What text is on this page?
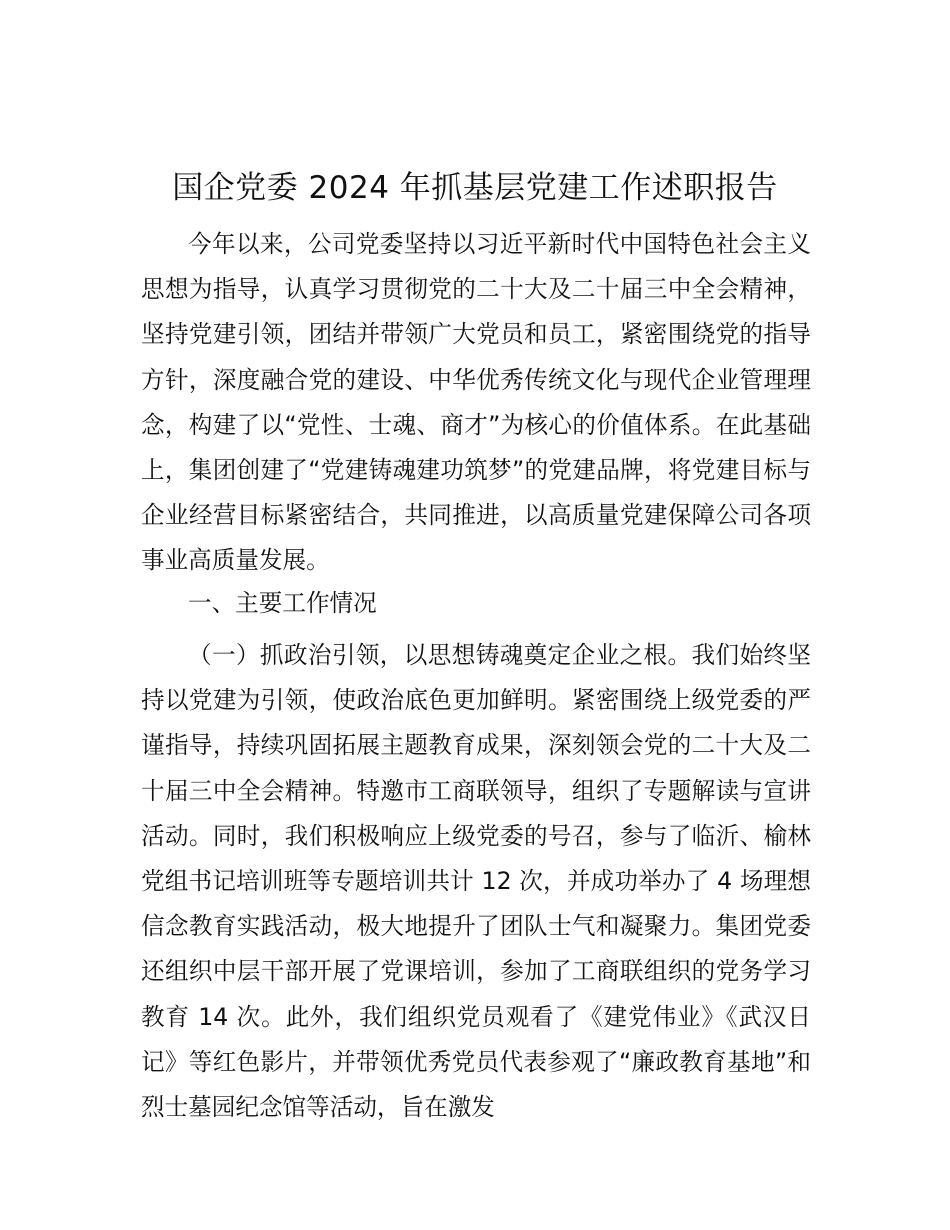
国企党委 2024 年抓基层党建工作述职报告

今年以来，公司党委坚持以习近平新时代中国特色社会主义思想为指导，认真学习贯彻党的二十大及二十届三中全会精神，坚持党建引领，团结并带领广大党员和员工，紧密围绕党的指导方针，深度融合党的建设、中华优秀传统文化与现代企业管理理念，构建了以“党性、士魂、商才”为核心的价值体系。在此基础上，集团创建了“党建铸魂建功筑梦”的党建品牌，将党建目标与企业经营目标紧密结合，共同推进，以高质量党建保障公司各项事业高质量发展。

一、主要工作情况

（一）抓政治引领，以思想铸魂奠定企业之根。我们始终坚持以党建为引领，使政治底色更加鲜明。紧密围绕上级党委的严谨指导，持续巩固拓展主题教育成果，深刻领会党的二十大及二十届三中全会精神。特邀市工商联领导，组织了专题解读与宣讲活动。同时，我们积极响应上级党委的号召，参与了临沂、榆林党组书记培训班等专题培训共计 12 次，并成功举办了 4 场理想信念教育实践活动，极大地提升了团队士气和凝聚力。集团党委还组织中层干部开展了党课培训，参加了工商联组织的党务学习教育 14 次。此外，我们组织党员观看了《建党伟业》《武汉日记》等红色影片，并带领优秀党员代表参观了“廉政教育基地”和烈士墓园纪念馆等活动，旨在激发
